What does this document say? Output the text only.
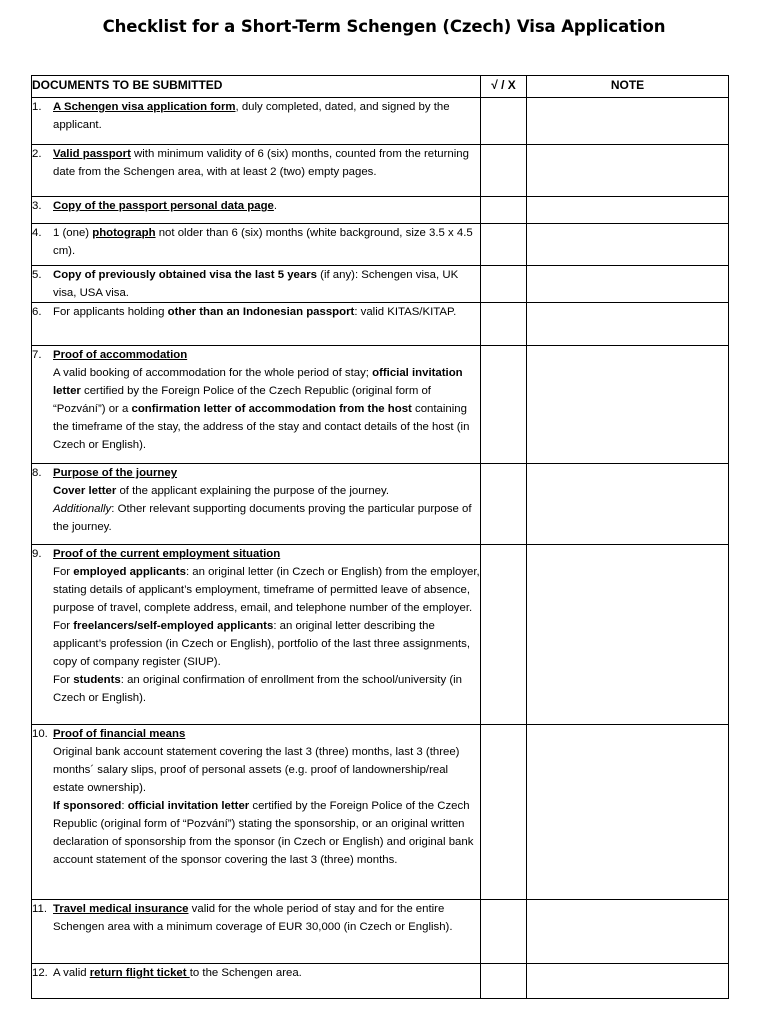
Checklist for a Short-Term Schengen (Czech) Visa Application
DOCUMENTS TO BE SUBMITTED	√ / X	NOTE

1. A Schengen visa application form, duly completed, dated, and signed by the applicant.		

2. Valid passport with minimum validity of 6 (six) months, counted from the returning date from the Schengen area, with at least 2 (two) empty pages.		

3. Copy of the passport personal data page.		

4. 1 (one) photograph not older than 6 (six) months (white background, size 3.5 x 4.5 cm).		

5. Copy of previously obtained visa the last 5 years (if any): Schengen visa, UK visa, USA visa.		

6. For applicants holding other than an Indonesian passport: valid KITAS/KITAP.		

7. Proof of accommodation
A valid booking of accommodation for the whole period of stay; official invitation letter certified by the Foreign Police of the Czech Republic (original form of “Pozvání”) or a confirmation letter of accommodation from the host containing the timeframe of the stay, the address of the stay and contact details of the host (in Czech or English).		

8. Purpose of the journey
Cover letter of the applicant explaining the purpose of the journey.
Additionally: Other relevant supporting documents proving the particular purpose of the journey.		

9. Proof of the current employment situation
For employed applicants: an original letter (in Czech or English) from the employer, stating details of applicant’s employment, timeframe of permitted leave of absence, purpose of travel, complete address, email, and telephone number of the employer.
For freelancers/self-employed applicants: an original letter describing the applicant’s profession (in Czech or English), portfolio of the last three assignments, copy of company register (SIUP).
For students: an original confirmation of enrollment from the school/university (in Czech or English).		

10. Proof of financial means
Original bank account statement covering the last 3 (three) months, last 3 (three) months´ salary slips, proof of personal assets (e.g. proof of landownership/real estate ownership).
If sponsored: official invitation letter certified by the Foreign Police of the Czech Republic (original form of “Pozvání”) stating the sponsorship, or an original written declaration of sponsorship from the sponsor (in Czech or English) and original bank account statement of the sponsor covering the last 3 (three) months.		

11. Travel medical insurance valid for the whole period of stay and for the entire Schengen area with a minimum coverage of EUR 30,000 (in Czech or English).		

12. A valid return flight ticket to the Schengen area.		
